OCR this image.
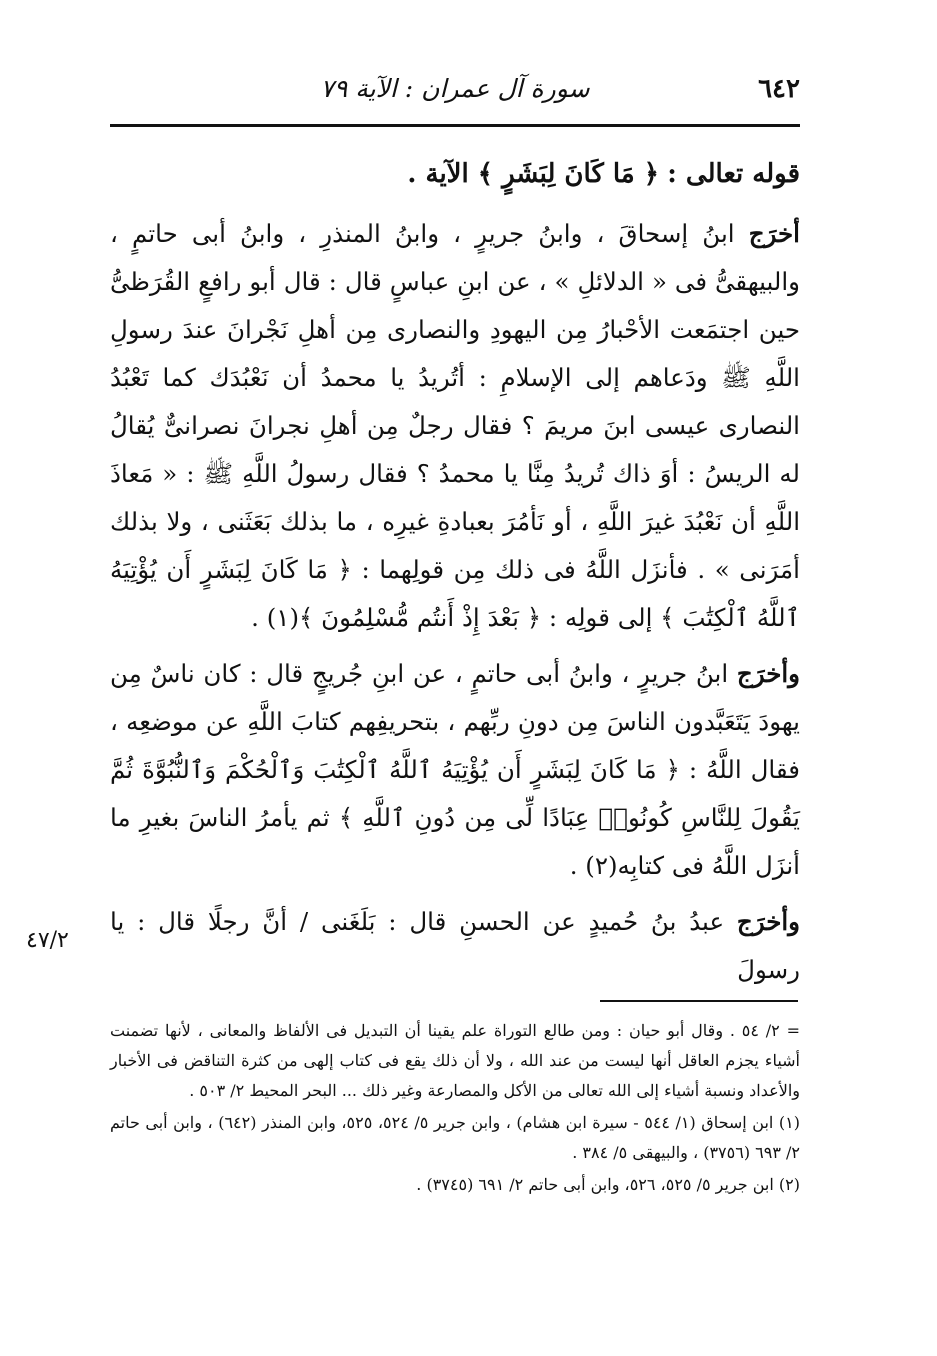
٦٤٢
سورة آل عمران : الآية ٧٩

قوله تعالى : ﴿ مَا كَانَ لِبَشَرٍ ﴾ الآية .

أخرَج ابنُ إسحاقَ ، وابنُ جريرٍ ، وابنُ المنذرِ ، وابنُ أبى حاتمٍ ، والبيهقىُّ فى « الدلائلِ » ، عن ابنِ عباسٍ قال : قال أبو رافعٍ القُرَظىُّ حين اجتمَعت الأحْبارُ مِن اليهودِ والنصارى مِن أهلِ نَجْرانَ عندَ رسولِ اللَّهِ ﷺ ودَعاهم إلى الإسلامِ : أتُريدُ يا محمدُ أن نَعْبُدَك كما تَعْبُدُ النصارى عيسى ابنَ مريمَ ؟ فقال رجلٌ مِن أهلِ نجرانَ نصرانىٌّ يُقالُ له الريسُ : أوَ ذاك تُريدُ مِنَّا يا محمدُ ؟ فقال رسولُ اللَّهِ ﷺ : « مَعاذَ اللَّهِ أن نَعْبُدَ غيرَ اللَّهِ ، أو نَأمُرَ بعبادةِ غيرِه ، ما بذلك بَعَثَنى ، ولا بذلك أمَرَنى » . فأنزَل اللَّهُ فى ذلك مِن قولِهما : ﴿ مَا كَانَ لِبَشَرٍ أَن يُؤْتِيَهُ ٱللَّهُ ٱلْكِتَٰبَ ﴾ إلى قولِه : ﴿ بَعْدَ إِذْ أَنتُم مُّسْلِمُونَ ﴾(١) .

وأخرَج ابنُ جريرٍ ، وابنُ أبى حاتمٍ ، عن ابنِ جُريجٍ قال : كان ناسٌ مِن يهودَ يَتَعَبَّدون الناسَ مِن دونِ ربِّهم ، بتحريفِهم كتابَ اللَّهِ عن موضعِه ، فقال اللَّهُ : ﴿ مَا كَانَ لِبَشَرٍ أَن يُؤْتِيَهُ ٱللَّهُ ٱلْكِتَٰبَ وَٱلْحُكْمَ وَٱلنُّبُوَّةَ ثُمَّ يَقُولَ لِلنَّاسِ كُونُوا۟ عِبَادًا لِّى مِن دُونِ ٱللَّهِ ﴾ ثم يأمرُ الناسَ بغيرِ ما أنزَل اللَّهُ فى كتابِه(٢) .

وأخرَج عبدُ بنُ حُميدٍ عن الحسنِ قال : بَلَغَنى / أنَّ رجلًا قال : يا رسولَ

٤٧/٢

= ٢/ ٥٤ . وقال أبو حيان : ومن طالع التوراة علم يقينا أن التبديل فى الألفاظ والمعانى ، لأنها تضمنت أشياء يجزم العاقل أنها ليست من عند الله ، ولا أن ذلك يقع فى كتاب إلهى من كثرة التناقض فى الأخبار والأعداد ونسبة أشياء إلى الله تعالى من الأكل والمصارعة وغير ذلك ... البحر المحيط ٢/ ٥٠٣ .

(١) ابن إسحاق (١/ ٥٤٤ - سيرة ابن هشام) ، وابن جرير ٥/ ٥٢٤، ٥٢٥، وابن المنذر (٦٤٢) ، وابن أبى حاتم ٢/ ٦٩٣ (٣٧٥٦) ، والبيهقى ٥/ ٣٨٤ .

(٢) ابن جرير ٥/ ٥٢٥، ٥٢٦، وابن أبى حاتم ٢/ ٦٩١ (٣٧٤٥) .
